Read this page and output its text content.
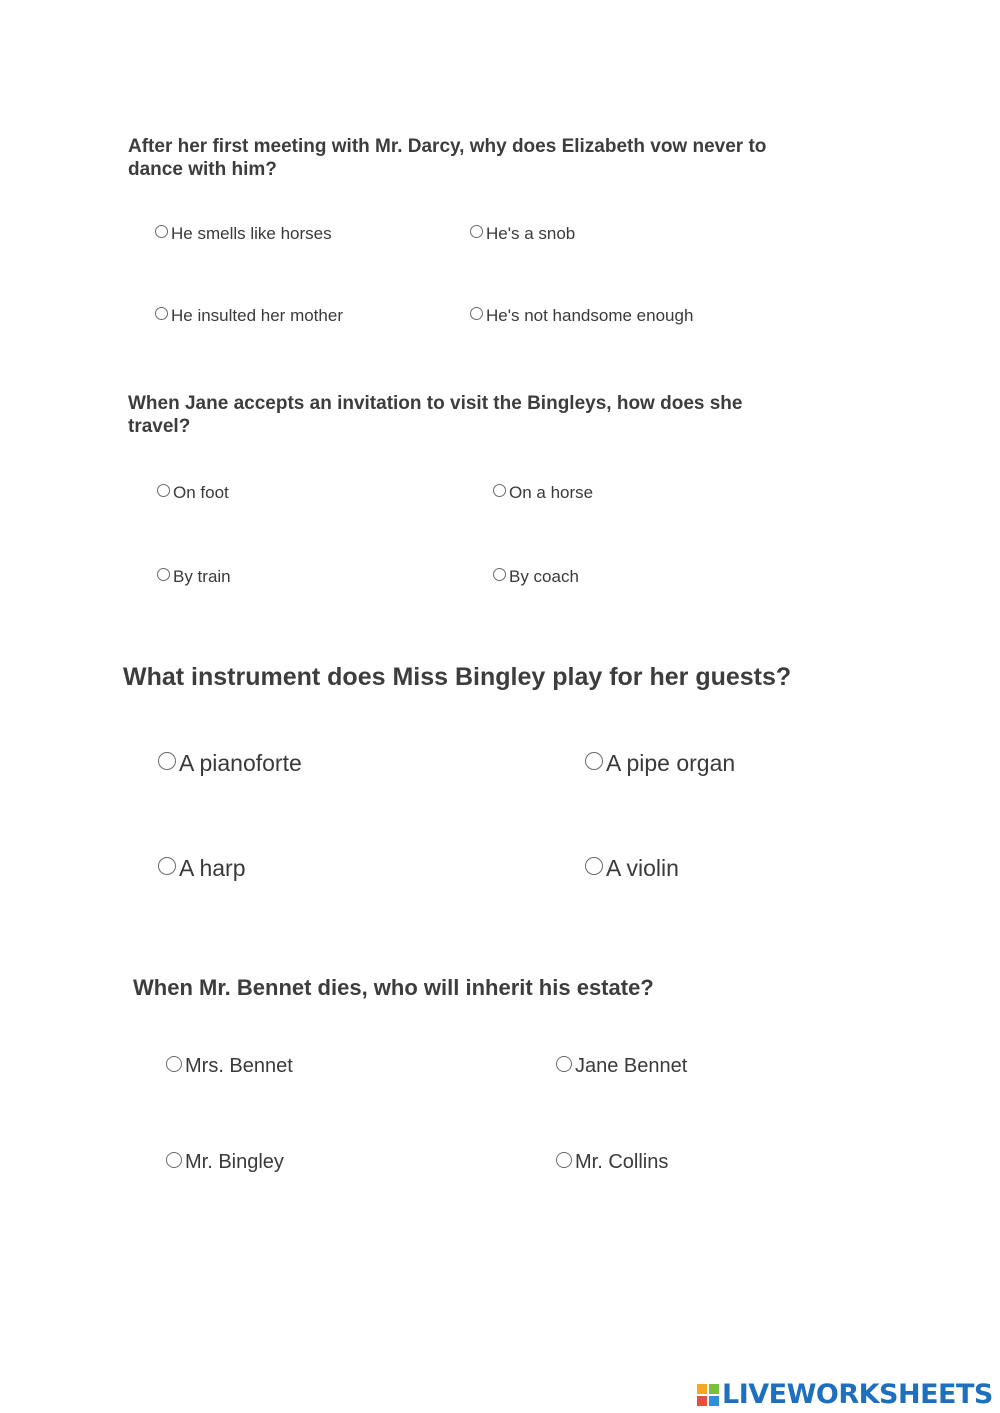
After her first meeting with Mr. Darcy, why does Elizabeth vow never to dance with him?

He smells like horses	He's a snob
He insulted her mother	He's not handsome enough

When Jane accepts an invitation to visit the Bingleys, how does she travel?

On foot	On a horse
By train	By coach

What instrument does Miss Bingley play for her guests?

A pianoforte	A pipe organ
A harp	A violin

When Mr. Bennet dies, who will inherit his estate?

Mrs. Bennet	Jane Bennet
Mr. Bingley	Mr. Collins
LIVEWORKSHEETS
